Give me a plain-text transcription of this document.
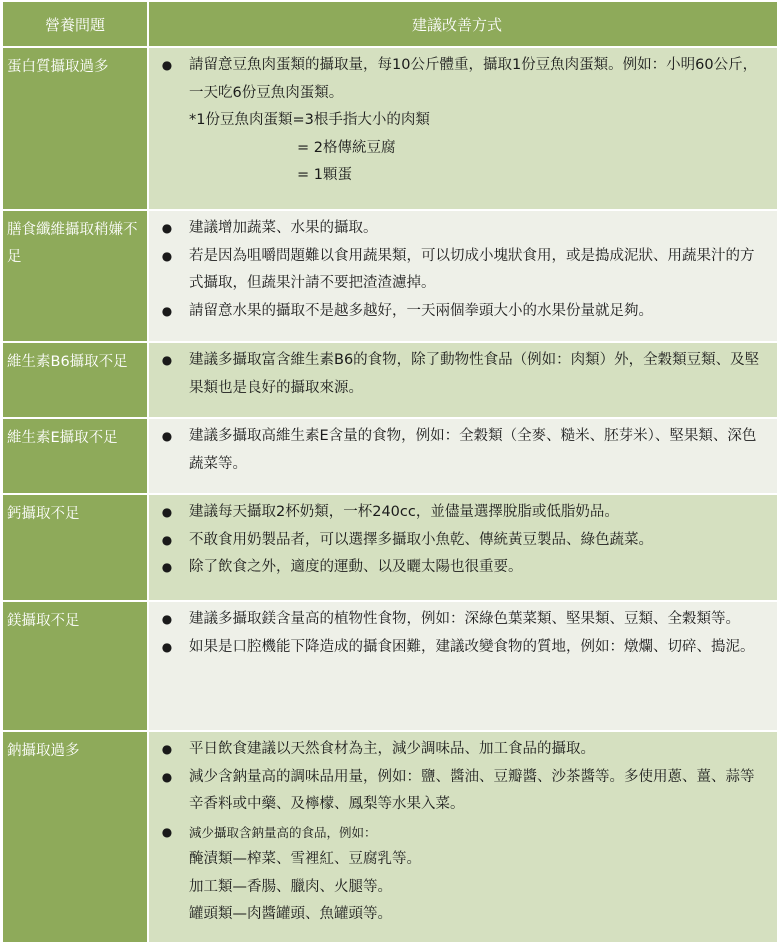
營養問題	建議改善方式
蛋白質攝取過多	●	請留意豆魚肉蛋類的攝取量，每10公斤體重，攝取1份豆魚肉蛋類。例如：小明60公斤，一天吃6份豆魚肉蛋類。
*1份豆魚肉蛋類=3根手指大小的肉類
= 2格傳統豆腐
= 1顆蛋
膳食纖維攝取稍嫌不足
●	建議增加蔬菜、水果的攝取。
●	若是因為咀嚼問題難以食用蔬果類，可以切成小塊狀食用，或是搗成泥狀、用蔬果汁的方式攝取，但蔬果汁請不要把渣渣濾掉。
●	請留意水果的攝取不是越多越好，一天兩個拳頭大小的水果份量就足夠。
維生素B6攝取不足	●	建議多攝取富含維生素B6的食物，除了動物性食品（例如：肉類）外，全穀類豆類、及堅果類也是良好的攝取來源。
維生素E攝取不足	●	建議多攝取高維生素E含量的食物，例如：全穀類（全麥、糙米、胚芽米）、堅果類、深色蔬菜等。
鈣攝取不足	●	建議每天攝取2杯奶類，一杯240cc，並儘量選擇脫脂或低脂奶品。
●	不敢食用奶製品者，可以選擇多攝取小魚乾、傳統黃豆製品、綠色蔬菜。
●	除了飲食之外，適度的運動、以及曬太陽也很重要。
鎂攝取不足	●	建議多攝取鎂含量高的植物性食物，例如：深綠色葉菜類、堅果類、豆類、全穀類等。
●	如果是口腔機能下降造成的攝食困難，建議改變食物的質地，例如：燉爛、切碎、搗泥。
鈉攝取過多	●	平日飲食建議以天然食材為主，減少調味品、加工食品的攝取。
●	減少含鈉量高的調味品用量，例如：鹽、醬油、豆瓣醬、沙茶醬等。多使用蔥、薑、蒜等辛香料或中藥、及檸檬、鳳梨等水果入菜。
●	減少攝取含鈉量高的食品，例如：
醃漬類—榨菜、雪裡紅、豆腐乳等。
加工類—香腸、臘肉、火腿等。
罐頭類—肉醬罐頭、魚罐頭等。
